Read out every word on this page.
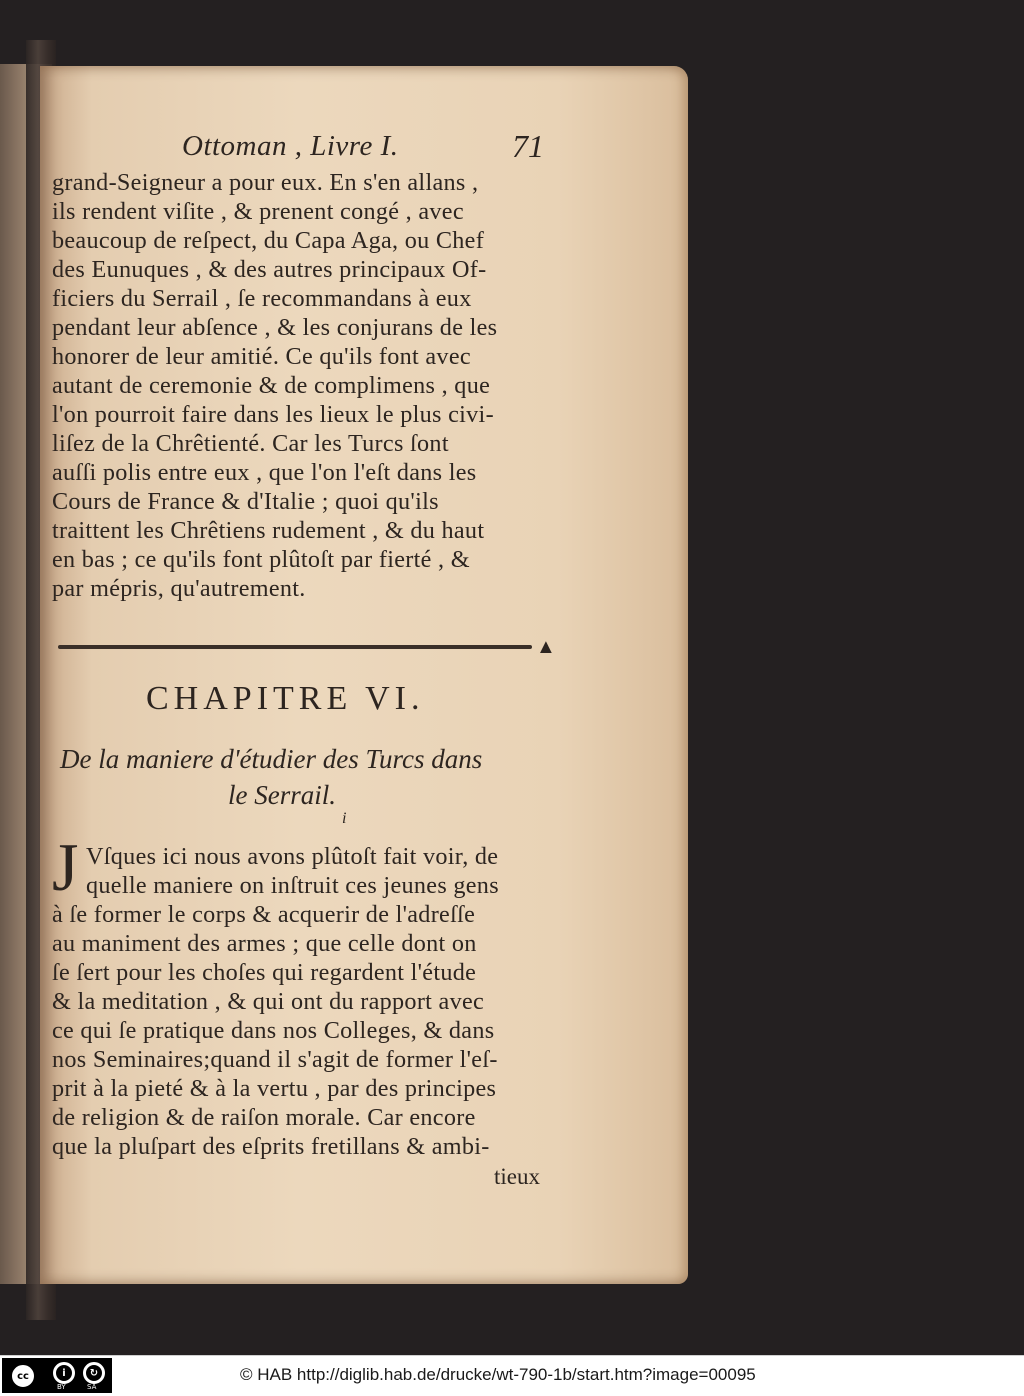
Ottoman , Livre I.	71
grand-Seigneur a pour eux. En s'en allans ,
ils rendent viſite , & prenent congé , avec
beaucoup de reſpect, du Capa Aga, ou Chef
des Eunuques , & des autres principaux Of-
ficiers du Serrail , ſe recommandans à eux
pendant leur abſence , & les conjurans de les
honorer de leur amitié. Ce qu'ils font avec
autant de ceremonie & de complimens , que
l'on pourroit faire dans les lieux le plus civi-
liſez de la Chrêtienté. Car les Turcs ſont
auſſi polis entre eux , que l'on l'eſt dans les
Cours de France & d'Italie ; quoi qu'ils
traittent les Chrêtiens rudement , & du haut
en bas ; ce qu'ils font plûtoſt par fierté , &
par mépris, qu'autrement.
▲
CHAPITRE VI.
De la maniere d'étudier des Turcs dans
le Serrail.
i
J Vſques ici nous avons plûtoſt fait voir, de
quelle maniere on inſtruit ces jeunes gens
à ſe former le corps & acquerir de l'adreſſe
au maniment des armes ; que celle dont on
ſe ſert pour les choſes qui regardent l'étude
& la meditation , & qui ont du rapport avec
ce qui ſe pratique dans nos Colleges, & dans
nos Seminaires;quand il s'agit de former l'eſ-
prit à la pieté & à la vertu , par des principes
de religion & de raiſon morale. Car encore
que la pluſpart des eſprits fretillans & ambi-
tieux
cc	i	↻
BY	SA
© HAB http://diglib.hab.de/drucke/wt-790-1b/start.htm?image=00095
